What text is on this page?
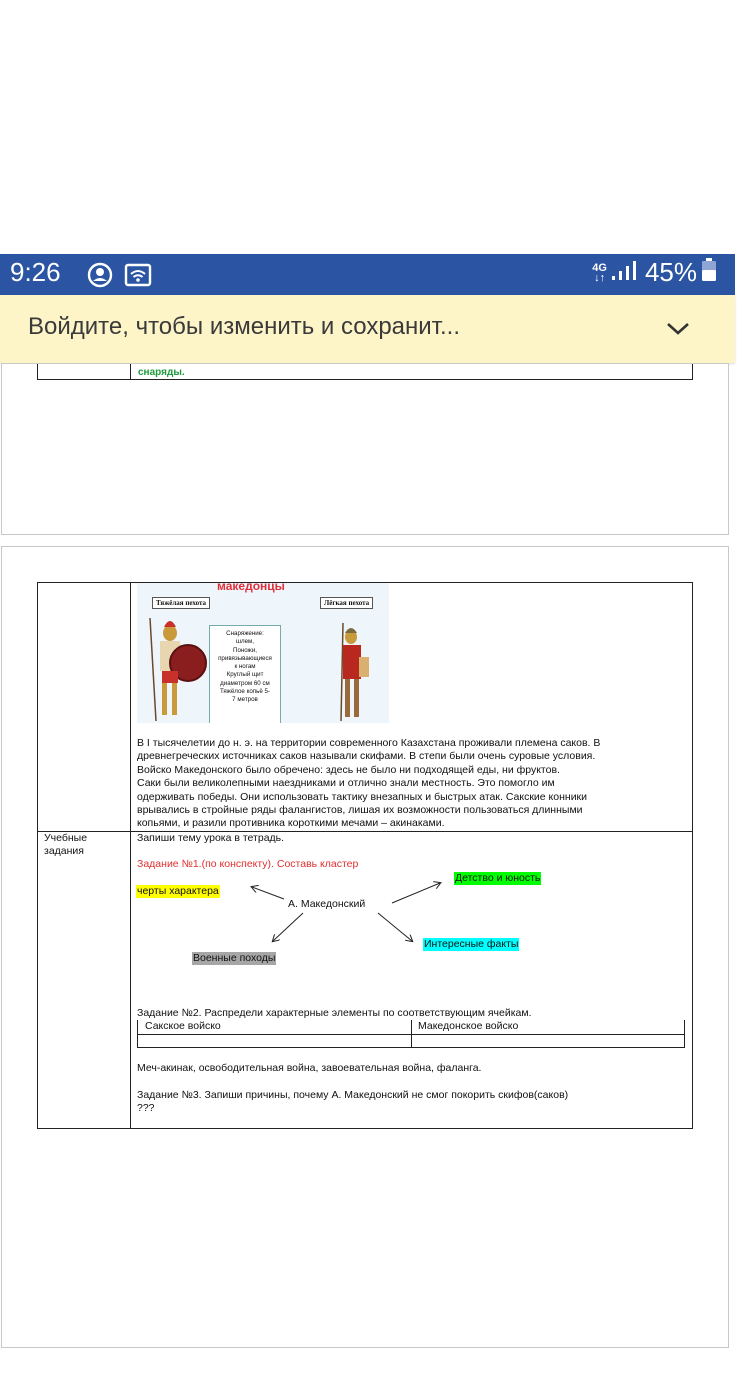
9:26	4G
↓↑ 45%
Войдите, чтобы изменить и сохранит...
снаряды.
македонцы
Тяжёлая пехота	Лёгкая пехота
Снаряжение:
шлем,
Поножи,
привязывающиеся
к ногам
Круглый щит
диаметром 60 см
Тяжёлое копьё 5-
7 метров
В I тысячелетии до н. э. на территории современного Казахстана проживали племена саков. В
древнегреческих источниках саков называли скифами. В степи были очень суровые условия.
Войско Македонского было обречено: здесь не было ни подходящей еды, ни фруктов.
Саки были великолепными наездниками и отлично знали местность. Это помогло им
одерживать победы. Они использовать тактику внезапных и быстрых атак. Сакские конники
врывались в стройные ряды фалангистов, лишая их возможности пользоваться длинными
копьями, и разили противника короткими мечами – акинаками.
Учебные
задания
Запиши тему урока в тетрадь.
Задание №1.(по конспекту). Составь кластер
Детство и юность
черты характера
А. Македонский
Интересные факты
Военные походы
Задание №2. Распредели характерные элементы по соответствующим ячейкам.
Сакское войско	Македонское войско
Меч-акинак, освободительная война, завоевательная война, фаланга.
Задание №3. Запиши причины, почему А. Македонский не смог покорить скифов(саков)
???
